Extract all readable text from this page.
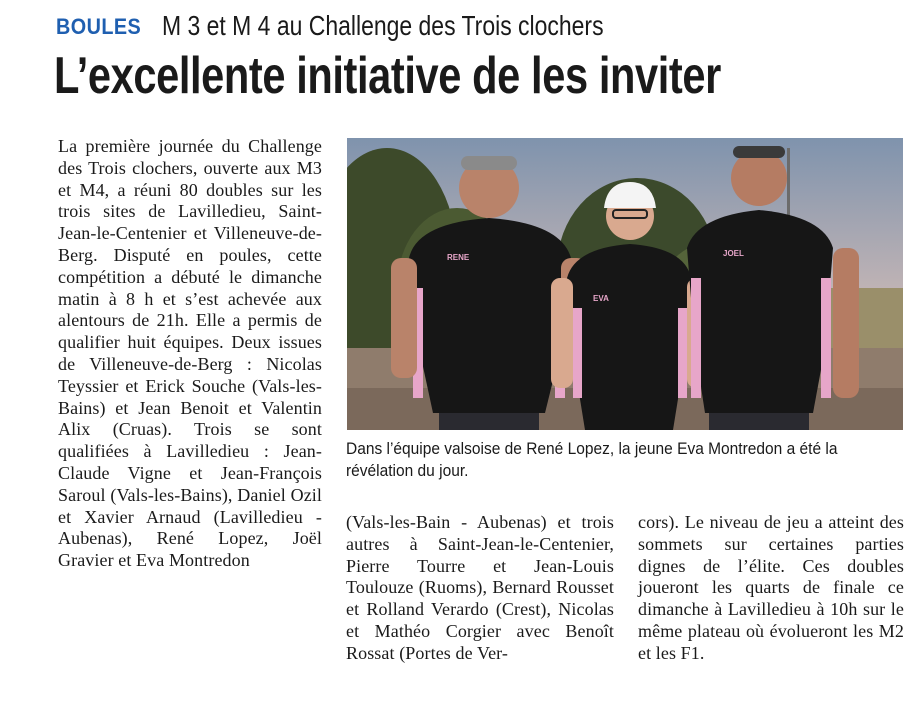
BOULES M 3 et M 4 au Challenge des Trois clochers
L’excellente initiative de les inviter
La première journée du Challenge des Trois clochers, ouverte aux M3 et M4, a réuni 80 doubles sur les trois sites de Lavilledieu, Saint-Jean-le-Centenier et Villeneuve-de-Berg. Disputé en poules, cette compétition a débuté le dimanche matin à 8 h et s’est achevée aux alentours de 21h. Elle a permis de qualifier huit équipes. Deux issues de Villeneuve-de-Berg : Nicolas Teyssier et Erick Souche (Vals-les-Bains) et Jean Benoit et Valentin Alix (Cruas). Trois se sont qualifiées à Lavilledieu : Jean-Claude Vigne et Jean-François Saroul (Vals-les-Bains), Daniel Ozil et Xavier Arnaud (Lavilledieu - Aubenas), René Lopez, Joël Gravier et Eva Montredon
RENE
EVA
JOEL
Dans l’équipe valsoise de René Lopez, la jeune Eva Montredon a été la révélation du jour.
(Vals-les-Bain - Aubenas) et trois autres à Saint-Jean-le-Centenier, Pierre Tourre et Jean-Louis Toulouze (Ruoms), Bernard Rousset et Rolland Verardo (Crest), Nicolas et Mathéo Corgier avec Benoît Rossat (Portes de Ver-
cors). Le niveau de jeu a atteint des sommets sur certaines parties dignes de l’élite. Ces doubles joueront les quarts de finale ce dimanche à Lavilledieu à 10h sur le même plateau où évolueront les M2 et les F1.
